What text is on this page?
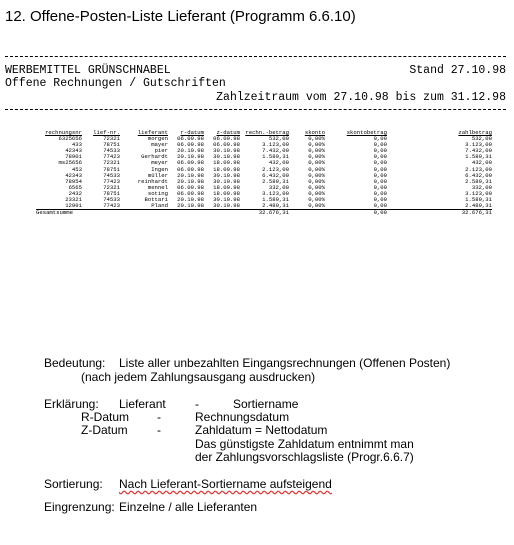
12. Offene-Posten-Liste Lieferant (Programm 6.6.10)
WERBEMITTEL GRÜNSCHNABEL	Stand 27.10.98
Offene Rechnungen / Gutschriften
Zahlzeitraum vom 27.10.98 bis zum 31.12.98
rechnungsnr	lief-nr.	lieferant	r-datum	z-datum	rechn.-betrag	skonto	skontobetrag	zahlbetrag
6325656	72321	morgen	06.09.98	06.09.98	532,00	0,00%	0,00	532,00
433	78751	mayer	06.09.98	06.09.98	3.123,00	0,00%	0,00	3.123,00
42343	74533	pier	20.10.98	30.10.98	7.432,00	0,00%	0,00	7.432,00
78901	77423	Gerhardt	20.10.98	30.10.98	1.589,31	0,00%	0,00	1.589,31
ms25656	72321	meyer	06.09.98	18.09.98	432,00	0,00%	0,00	432,00
453	78751	Ingen	06.09.98	18.09.98	2.123,00	0,00%	0,00	2.123,00
42343	74533	müller	20.10.98	30.10.98	6.432,00	0,00%	0,00	6.432,00
78954	77423	reinhardt	20.10.98	30.10.98	2.589,31	0,00%	0,00	2.589,31
6565	72321	mennel	06.09.98	18.09.98	332,00	0,00%	0,00	332,00
2432	78751	soting	06.09.98	18.09.98	3.123,00	0,00%	0,00	3.123,00
23321	74533	Bottari	20.10.98	30.10.98	1.589,31	0,00%	0,00	1.589,31
12901	77423	Pland	20.10.98	30.10.98	2.489,31	0,00%	0,00	2.489,31
Gesamtsumme					32.676,31		0,00	32.676,31
Bedeutung: Liste aller unbezahlten Eingangsrechnungen (Offenen Posten)
(nach jedem Zahlungsausgang ausdrucken)
Erklärung: Lieferant -	Sortiername
R-Datum -	Rechnungsdatum
Z-Datum -	Zahldatum = Nettodatum
Das günstigste Zahldatum entnimmt man
der Zahlungsvorschlagsliste (Progr.6.6.7)
Sortierung: Nach Lieferant-Sortiername aufsteigend
Eingrenzung: Einzelne / alle Lieferanten
